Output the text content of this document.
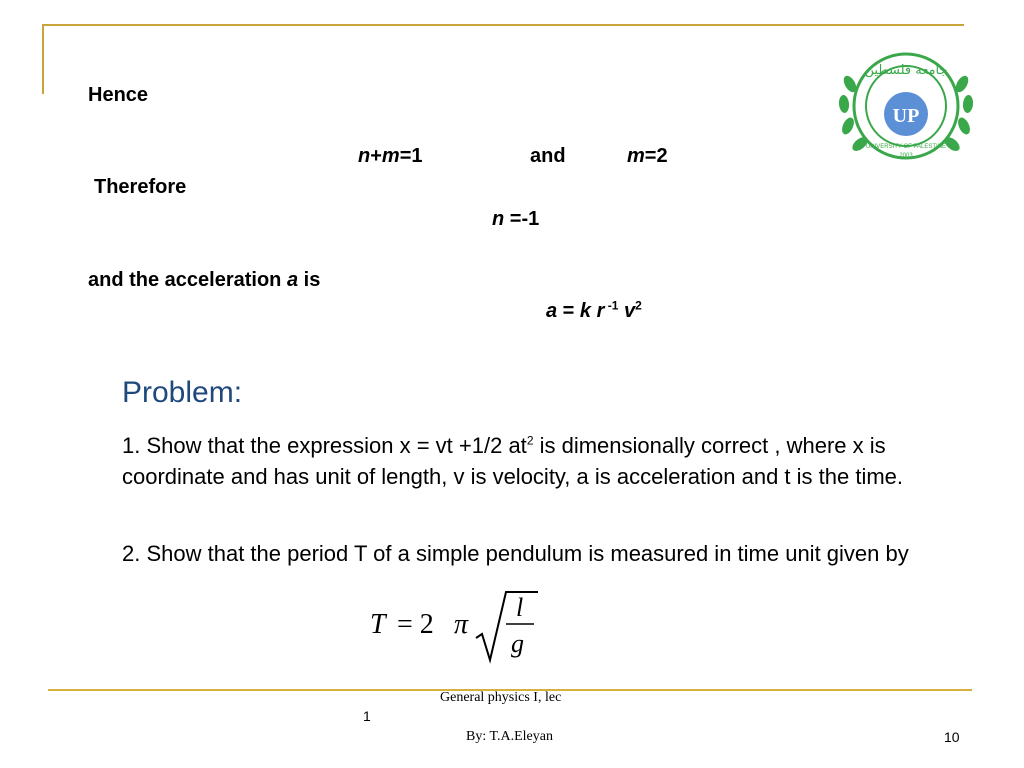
جامعة فلسطين
UP
UNIVERSITY OF PALESTINE
2003
Hence
n+m=1	and	m=2
Therefore
n =-1
and the acceleration a is
a = k r $^{-1}$ $v^2$
Problem:
1. Show that the expression x = vt +1/2 $at^2$ is dimensionally correct , where x is coordinate and has unit of length, v is velocity, a is acceleration and t is the time.
2. Show that the period T of a simple pendulum is measured in time unit given by
T = 2 π
l
g
General physics I, lec
1
By: T.A.Eleyan	10
